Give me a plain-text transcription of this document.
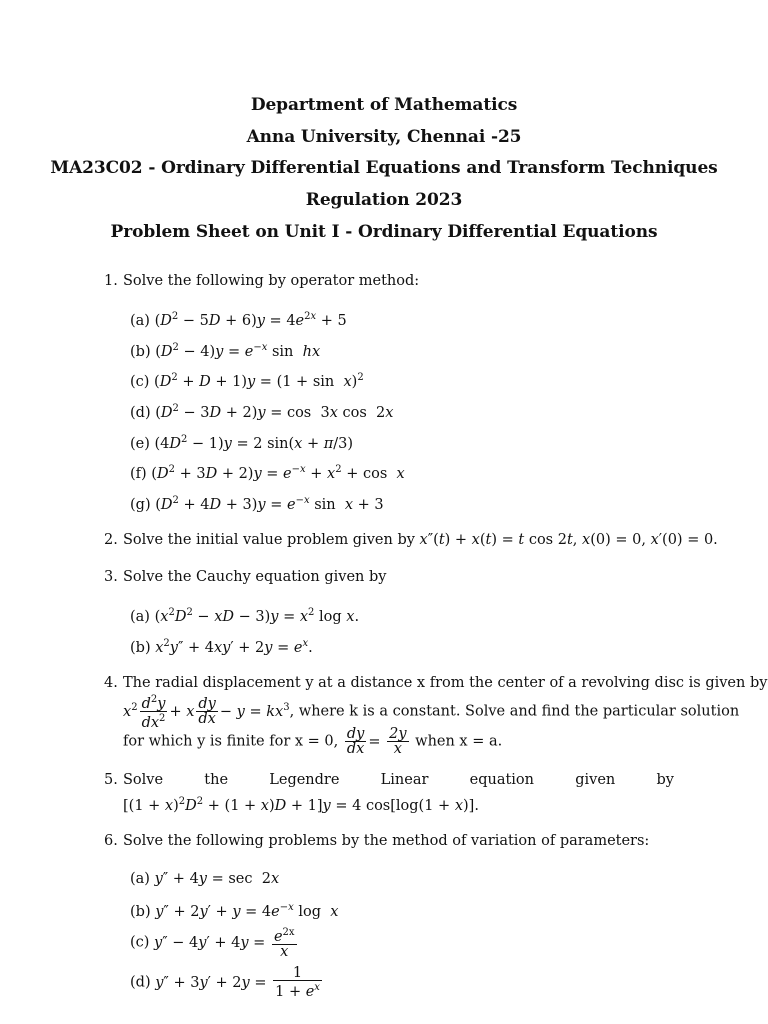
Department of Mathematics
Anna University, Chennai -25
MA23C02 - Ordinary Differential Equations and Transform Techniques
Regulation 2023
Problem Sheet on Unit I - Ordinary Differential Equations
1. Solve the following by operator method:
(a) $(D^2 - 5D + 6)y = 4e^{2x} + 5$
(b) $(D^2 - 4)y = e^{-x}$ sin  hx
(c) $(D^2 + D + 1)y = (1 + \sin x)^2$
(d) $(D^2 - 3D + 2)y = \cos 3x$ cos  2x
(e) $(4D^2 - 1)y = 2$ sin(x + π/3)
(f) $(D^2 + 3D + 2)y = e^{-x} + x^2 + \cos x$
(g) $(D^2 + 4D + 3)y = e^{-x}$ sin  x + 3
2. Solve the initial value problem given by x″(t) + x(t) = t cos 2t, x(0) = 0, x′(0) = 0.
3. Solve the Cauchy equation given by
(a) ($x^2D^2$ − xD − $3)y = x^2$ log x.
(b) $x^2y'' + 4xy' + 2y = e^x$.
4. The radial displacement y at a distance x from the center of a revolving disc is given by
$x^2 \frac{d^2y}{dx^2} + x \frac{dy}{dx} - y = kx^3$, where k is a constant. Solve and find the particular solution
for which y is finite for x = 0, $\frac{dy}{dx} = \frac{2y}{x}$ when x = a.
5. Solve	the	Legendre	Linear	equation	given	by
$[(1 + x)^2D^2 + (1 + x)D + 1]y = 4$ cos[log(1 + x)].
6. Solve the following problems by the method of variation of parameters:
(a) y″ + 4y = sec  2x
(b) $y'' + 2y' + y = 4e^{-x}$ log  x
(c) $y'' - 4y' + 4y = \frac{e^{2x}}{x}$
(d) $y'' + 3y' + 2y = \frac{1}{1 + e^x}$
